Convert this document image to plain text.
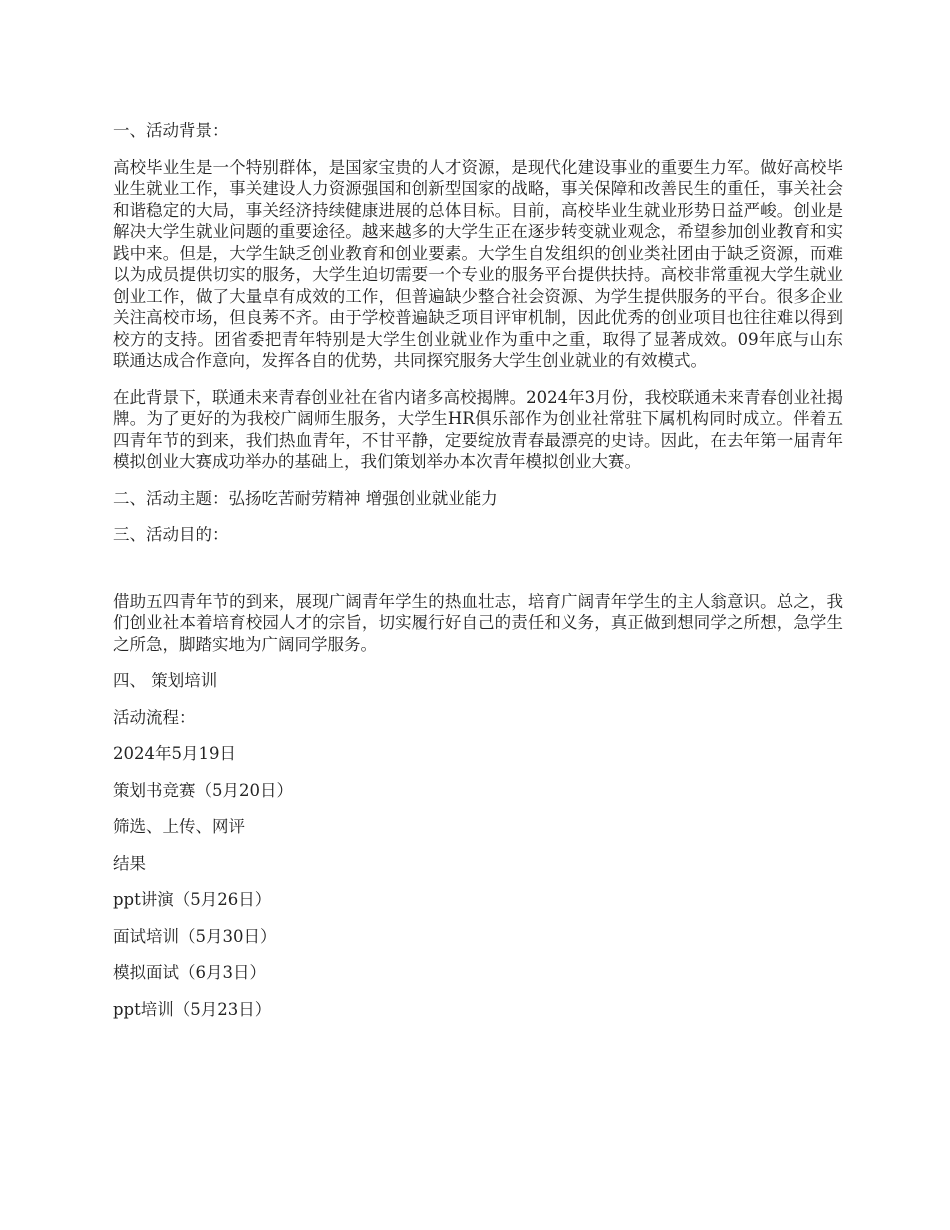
一、活动背景：
高校毕业生是一个特别群体，是国家宝贵的人才资源，是现代化建设事业的重要生力军。做好高校毕业生就业工作，事关建设人力资源强国和创新型国家的战略，事关保障和改善民生的重任，事关社会和谐稳定的大局，事关经济持续健康进展的总体目标。目前，高校毕业生就业形势日益严峻。创业是解决大学生就业问题的重要途径。越来越多的大学生正在逐步转变就业观念，希望参加创业教育和实践中来。但是，大学生缺乏创业教育和创业要素。大学生自发组织的创业类社团由于缺乏资源，而难以为成员提供切实的服务，大学生迫切需要一个专业的服务平台提供扶持。高校非常重视大学生就业创业工作，做了大量卓有成效的工作，但普遍缺少整合社会资源、为学生提供服务的平台。很多企业关注高校市场，但良莠不齐。由于学校普遍缺乏项目评审机制，因此优秀的创业项目也往往难以得到校方的支持。团省委把青年特别是大学生创业就业作为重中之重，取得了显著成效。09年底与山东联通达成合作意向，发挥各自的优势，共同探究服务大学生创业就业的有效模式。
在此背景下，联通未来青春创业社在省内诸多高校揭牌。2024年3月份，我校联通未来青春创业社揭牌。为了更好的为我校广阔师生服务，大学生HR俱乐部作为创业社常驻下属机构同时成立。伴着五四青年节的到来，我们热血青年，不甘平静，定要绽放青春最漂亮的史诗。因此，在去年第一届青年模拟创业大赛成功举办的基础上，我们策划举办本次青年模拟创业大赛。
二、活动主题：弘扬吃苦耐劳精神 增强创业就业能力
三、活动目的：
借助五四青年节的到来，展现广阔青年学生的热血壮志，培育广阔青年学生的主人翁意识。总之，我们创业社本着培育校园人才的宗旨，切实履行好自己的责任和义务，真正做到想同学之所想，急学生之所急，脚踏实地为广阔同学服务。
四、 策划培训
活动流程：
2024年5月19日
策划书竞赛（5月20日）
筛选、上传、网评
结果
ppt讲演（5月26日）
面试培训（5月30日）
模拟面试（6月3日）
ppt培训（5月23日）
